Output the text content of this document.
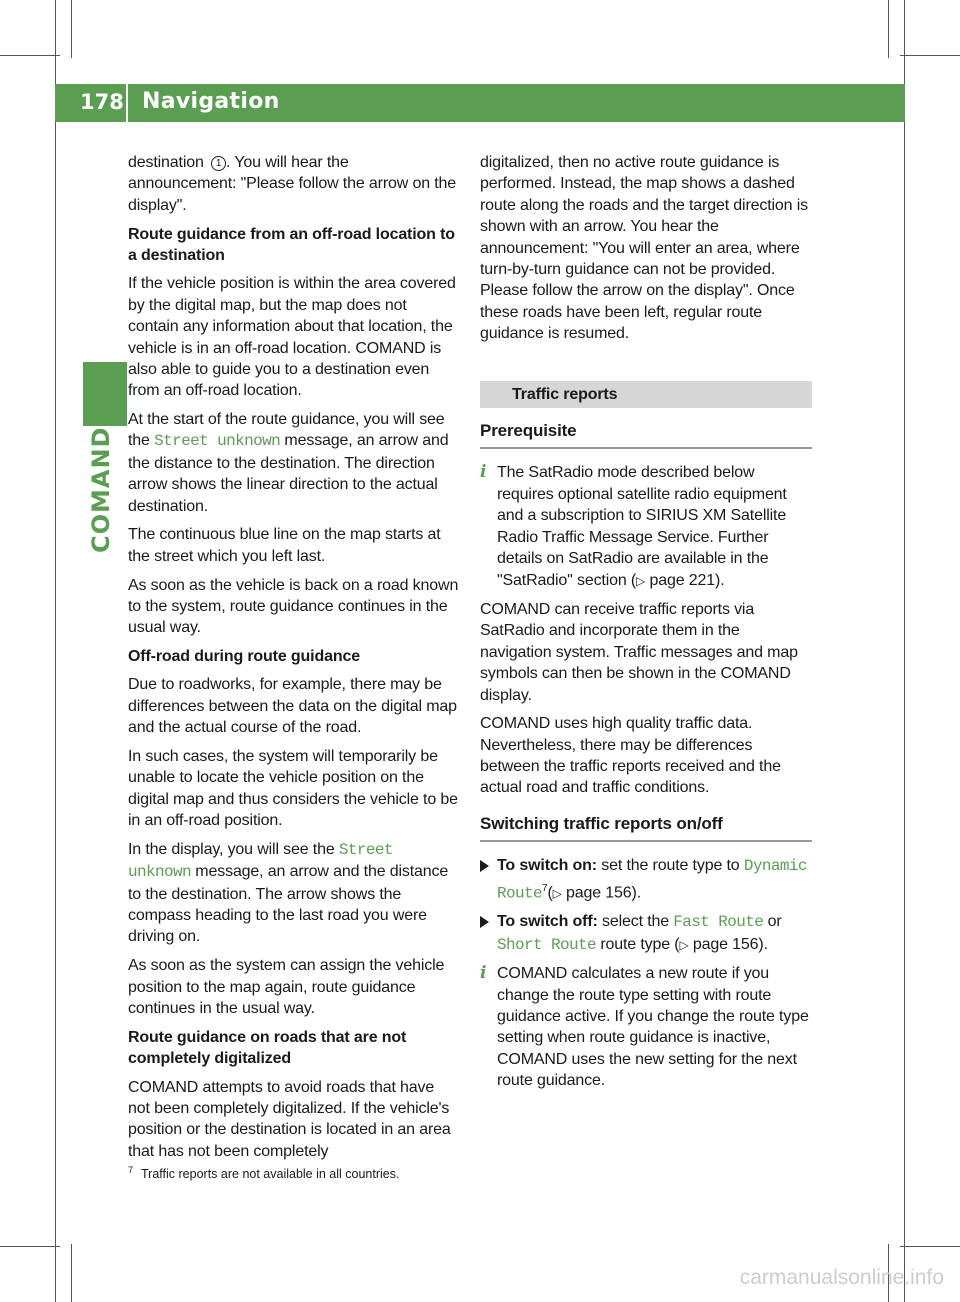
178 Navigation
COMAND

destination 1 . You will hear the announcement: "Please follow the arrow on the display".

Route guidance from an off-road location to a destination

If the vehicle position is within the area covered by the digital map, but the map does not contain any information about that location, the vehicle is in an off-road location. COMAND is also able to guide you to a destination even from an off-road location.

At the start of the route guidance, you will see the Street unknown message, an arrow and the distance to the destination. The direction arrow shows the linear direction to the actual destination.

The continuous blue line on the map starts at the street which you left last.

As soon as the vehicle is back on a road known to the system, route guidance continues in the usual way.

Off-road during route guidance

Due to roadworks, for example, there may be differences between the data on the digital map and the actual course of the road.

In such cases, the system will temporarily be unable to locate the vehicle position on the digital map and thus considers the vehicle to be in an off-road position.

In the display, you will see the Street unknown message, an arrow and the distance to the destination. The arrow shows the compass heading to the last road you were driving on.

As soon as the system can assign the vehicle position to the map again, route guidance continues in the usual way.

Route guidance on roads that are not completely digitalized

COMAND attempts to avoid roads that have not been completely digitalized. If the vehicle's position or the destination is located in an area that has not been completely

digitalized, then no active route guidance is performed. Instead, the map shows a dashed route along the roads and the target direction is shown with an arrow. You hear the announcement: "You will enter an area, where turn-by-turn guidance can not be provided. Please follow the arrow on the display". Once these roads have been left, regular route guidance is resumed.

Traffic reports
Prerequisite
i The SatRadio mode described below requires optional satellite radio equipment and a subscription to SIRIUS XM Satellite Radio Traffic Message Service. Further details on SatRadio are available in the "SatRadio" section (▷ page 221).

COMAND can receive traffic reports via SatRadio and incorporate them in the navigation system. Traffic messages and map symbols can then be shown in the COMAND display.

COMAND uses high quality traffic data. Nevertheless, there may be differences between the traffic reports received and the actual road and traffic conditions.

Switching traffic reports on/off
To switch on: set the route type to Dynamic Route$^7$(▷ page 156).
To switch off: select the Fast Route or Short Route route type (▷ page 156).
i COMAND calculates a new route if you change the route type setting with route guidance active. If you change the route type setting when route guidance is inactive, COMAND uses the new setting for the next route guidance.
$^7$ Traffic reports are not available in all countries.
carmanualsonline.info
